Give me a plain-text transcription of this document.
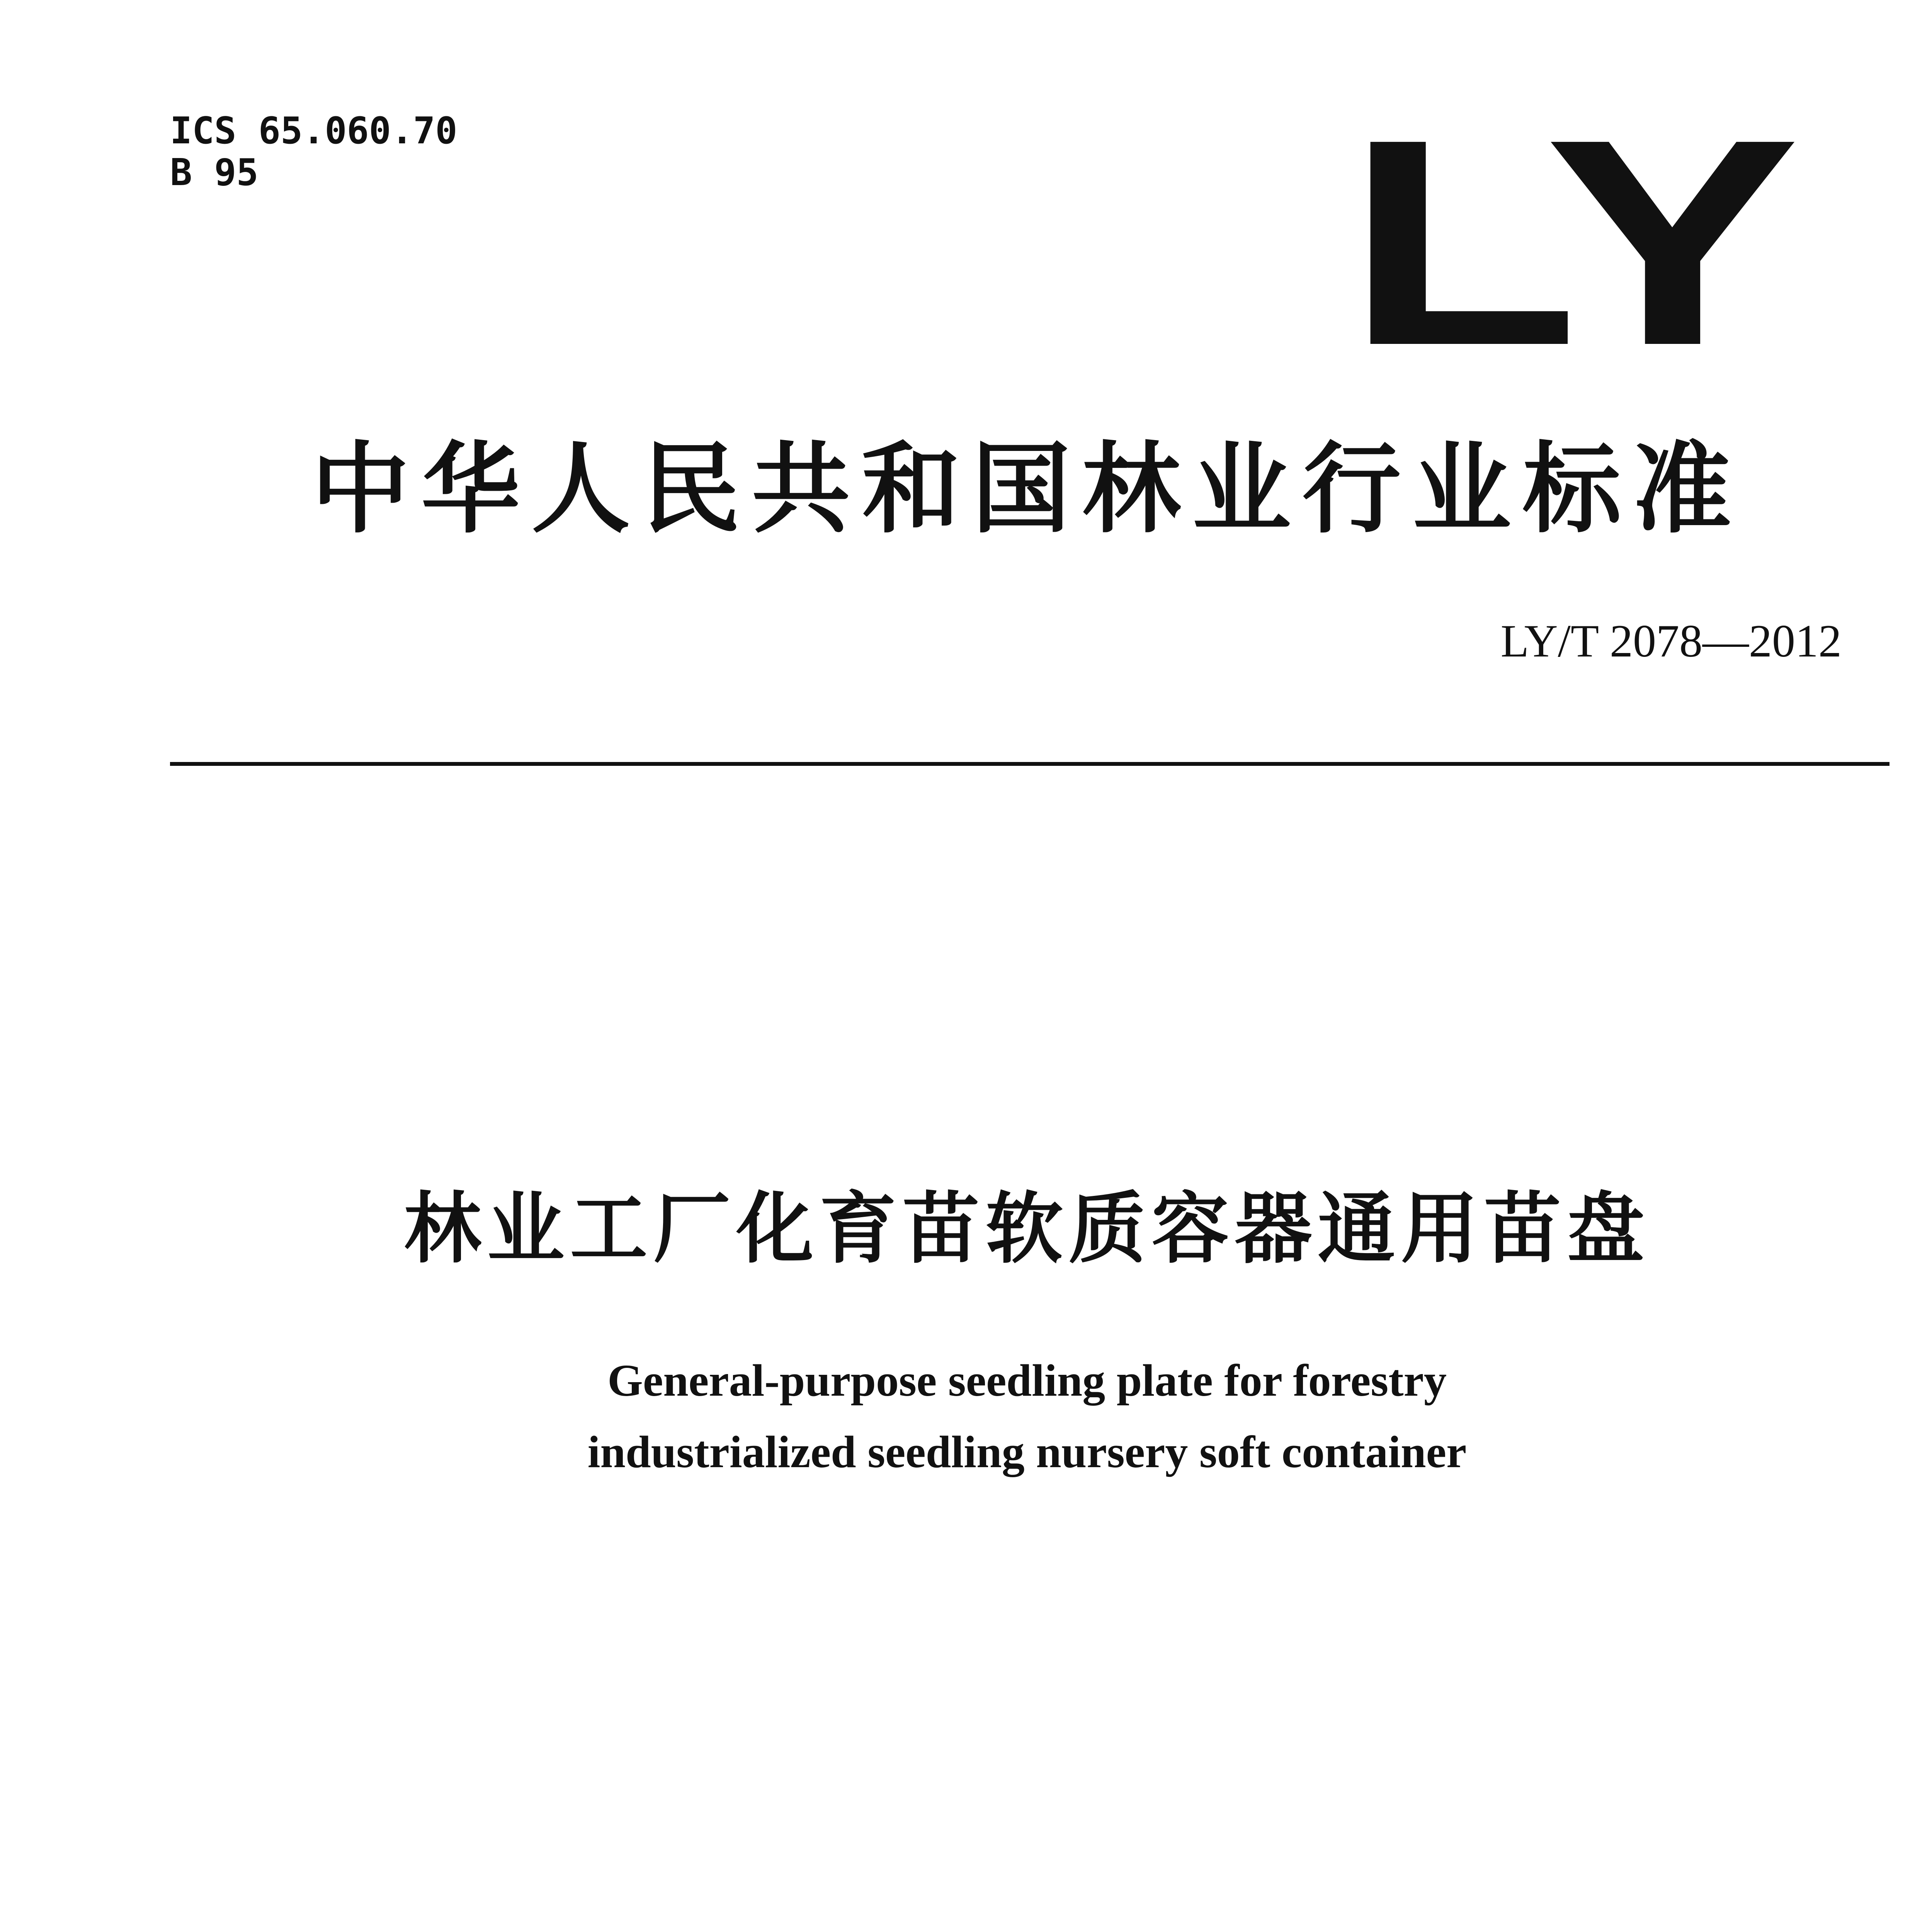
ICS 65.060.70
B 95	LY
中华人民共和国林业行业标准
LY/T 2078—2012
林业工厂化育苗软质容器通用苗盘
General-purpose seedling plate for forestry
industrialized seedling nursery soft container
